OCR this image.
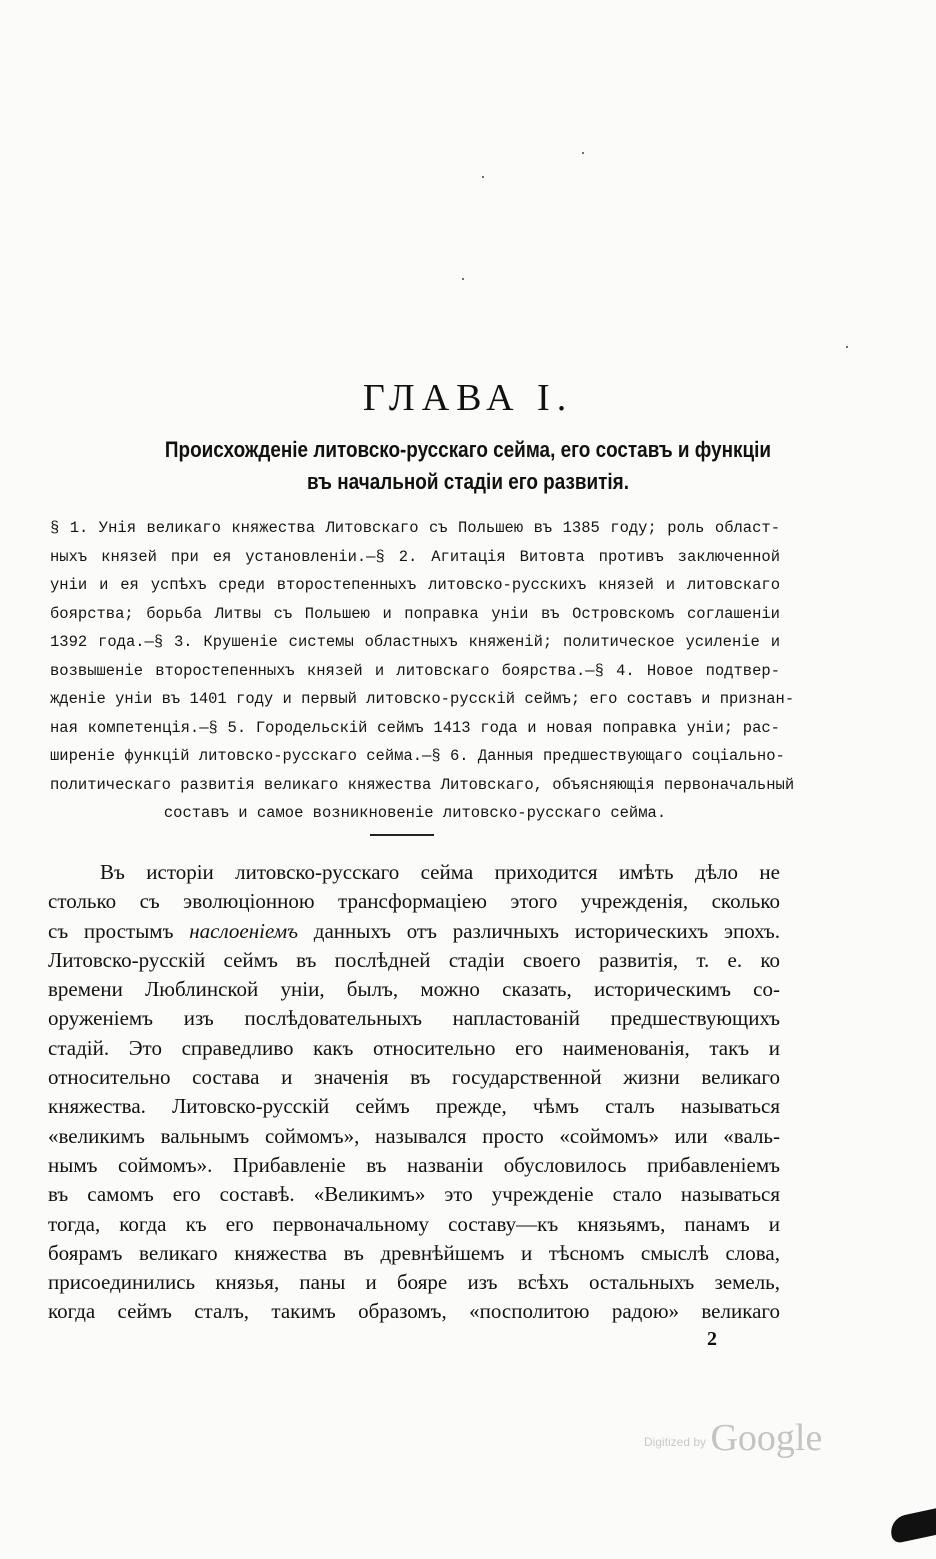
ГЛАВА I.
Происхожденіе литовско-русскаго сейма, его составъ и функціи
въ начальной стадіи его развитія.
§ 1. Унія великаго княжества Литовскаго съ Польшею въ 1385 году; роль област-
ныхъ князей при ея установленіи.—§ 2. Агитація Витовта противъ заключенной
уніи и ея успѣхъ среди второстепенныхъ литовско-русскихъ князей и литовскаго
боярства; борьба Литвы съ Польшею и поправка уніи въ Островскомъ соглашеніи
1392 года.—§ 3. Крушеніе системы областныхъ княженій; политическое усиленіе и
возвышеніе второстепенныхъ князей и литовскаго боярства.—§ 4. Новое подтвер-
жденіе уніи въ 1401 году и первый литовско-русскій сеймъ; его составъ и признан-
ная компетенція.—§ 5. Городельскій сеймъ 1413 года и новая поправка уніи; рас-
ширеніе функцій литовско-русскаго сейма.—§ 6. Данныя предшествующаго соціально-
политическаго развитія великаго княжества Литовскаго, объясняющія первоначальный
составъ и самое возникновеніе литовско-русскаго сейма.
Въ исторіи литовско-русскаго сейма приходится имѣть дѣло не
столько съ эволюціонною трансформаціею этого учрежденія, сколько
съ простымъ наслоеніемъ данныхъ отъ различныхъ историческихъ эпохъ.
Литовско-русскій сеймъ въ послѣдней стадіи своего развитія, т. е. ко
времени Люблинской уніи, былъ, можно сказать, историческимъ со-
оруженіемъ изъ послѣдовательныхъ напластованій предшествующихъ
стадій. Это справедливо какъ относительно его наименованія, такъ и
относительно состава и значенія въ государственной жизни великаго
княжества. Литовско-русскій сеймъ прежде, чѣмъ сталъ называться
«великимъ вальнымъ соймомъ», назывался просто «соймомъ» или «валь-
нымъ соймомъ». Прибавленіе въ названіи обусловилось прибавленіемъ
въ самомъ его составѣ. «Великимъ» это учрежденіе стало называться
тогда, когда къ его первоначальному составу—къ князьямъ, панамъ и
боярамъ великаго княжества въ древнѣйшемъ и тѣсномъ смыслѣ слова,
присоединились князья, паны и бояре изъ всѣхъ остальныхъ земель,
когда сеймъ сталъ, такимъ образомъ, «посполитою радою» великаго
2
$^{Digitized by}$ Google
